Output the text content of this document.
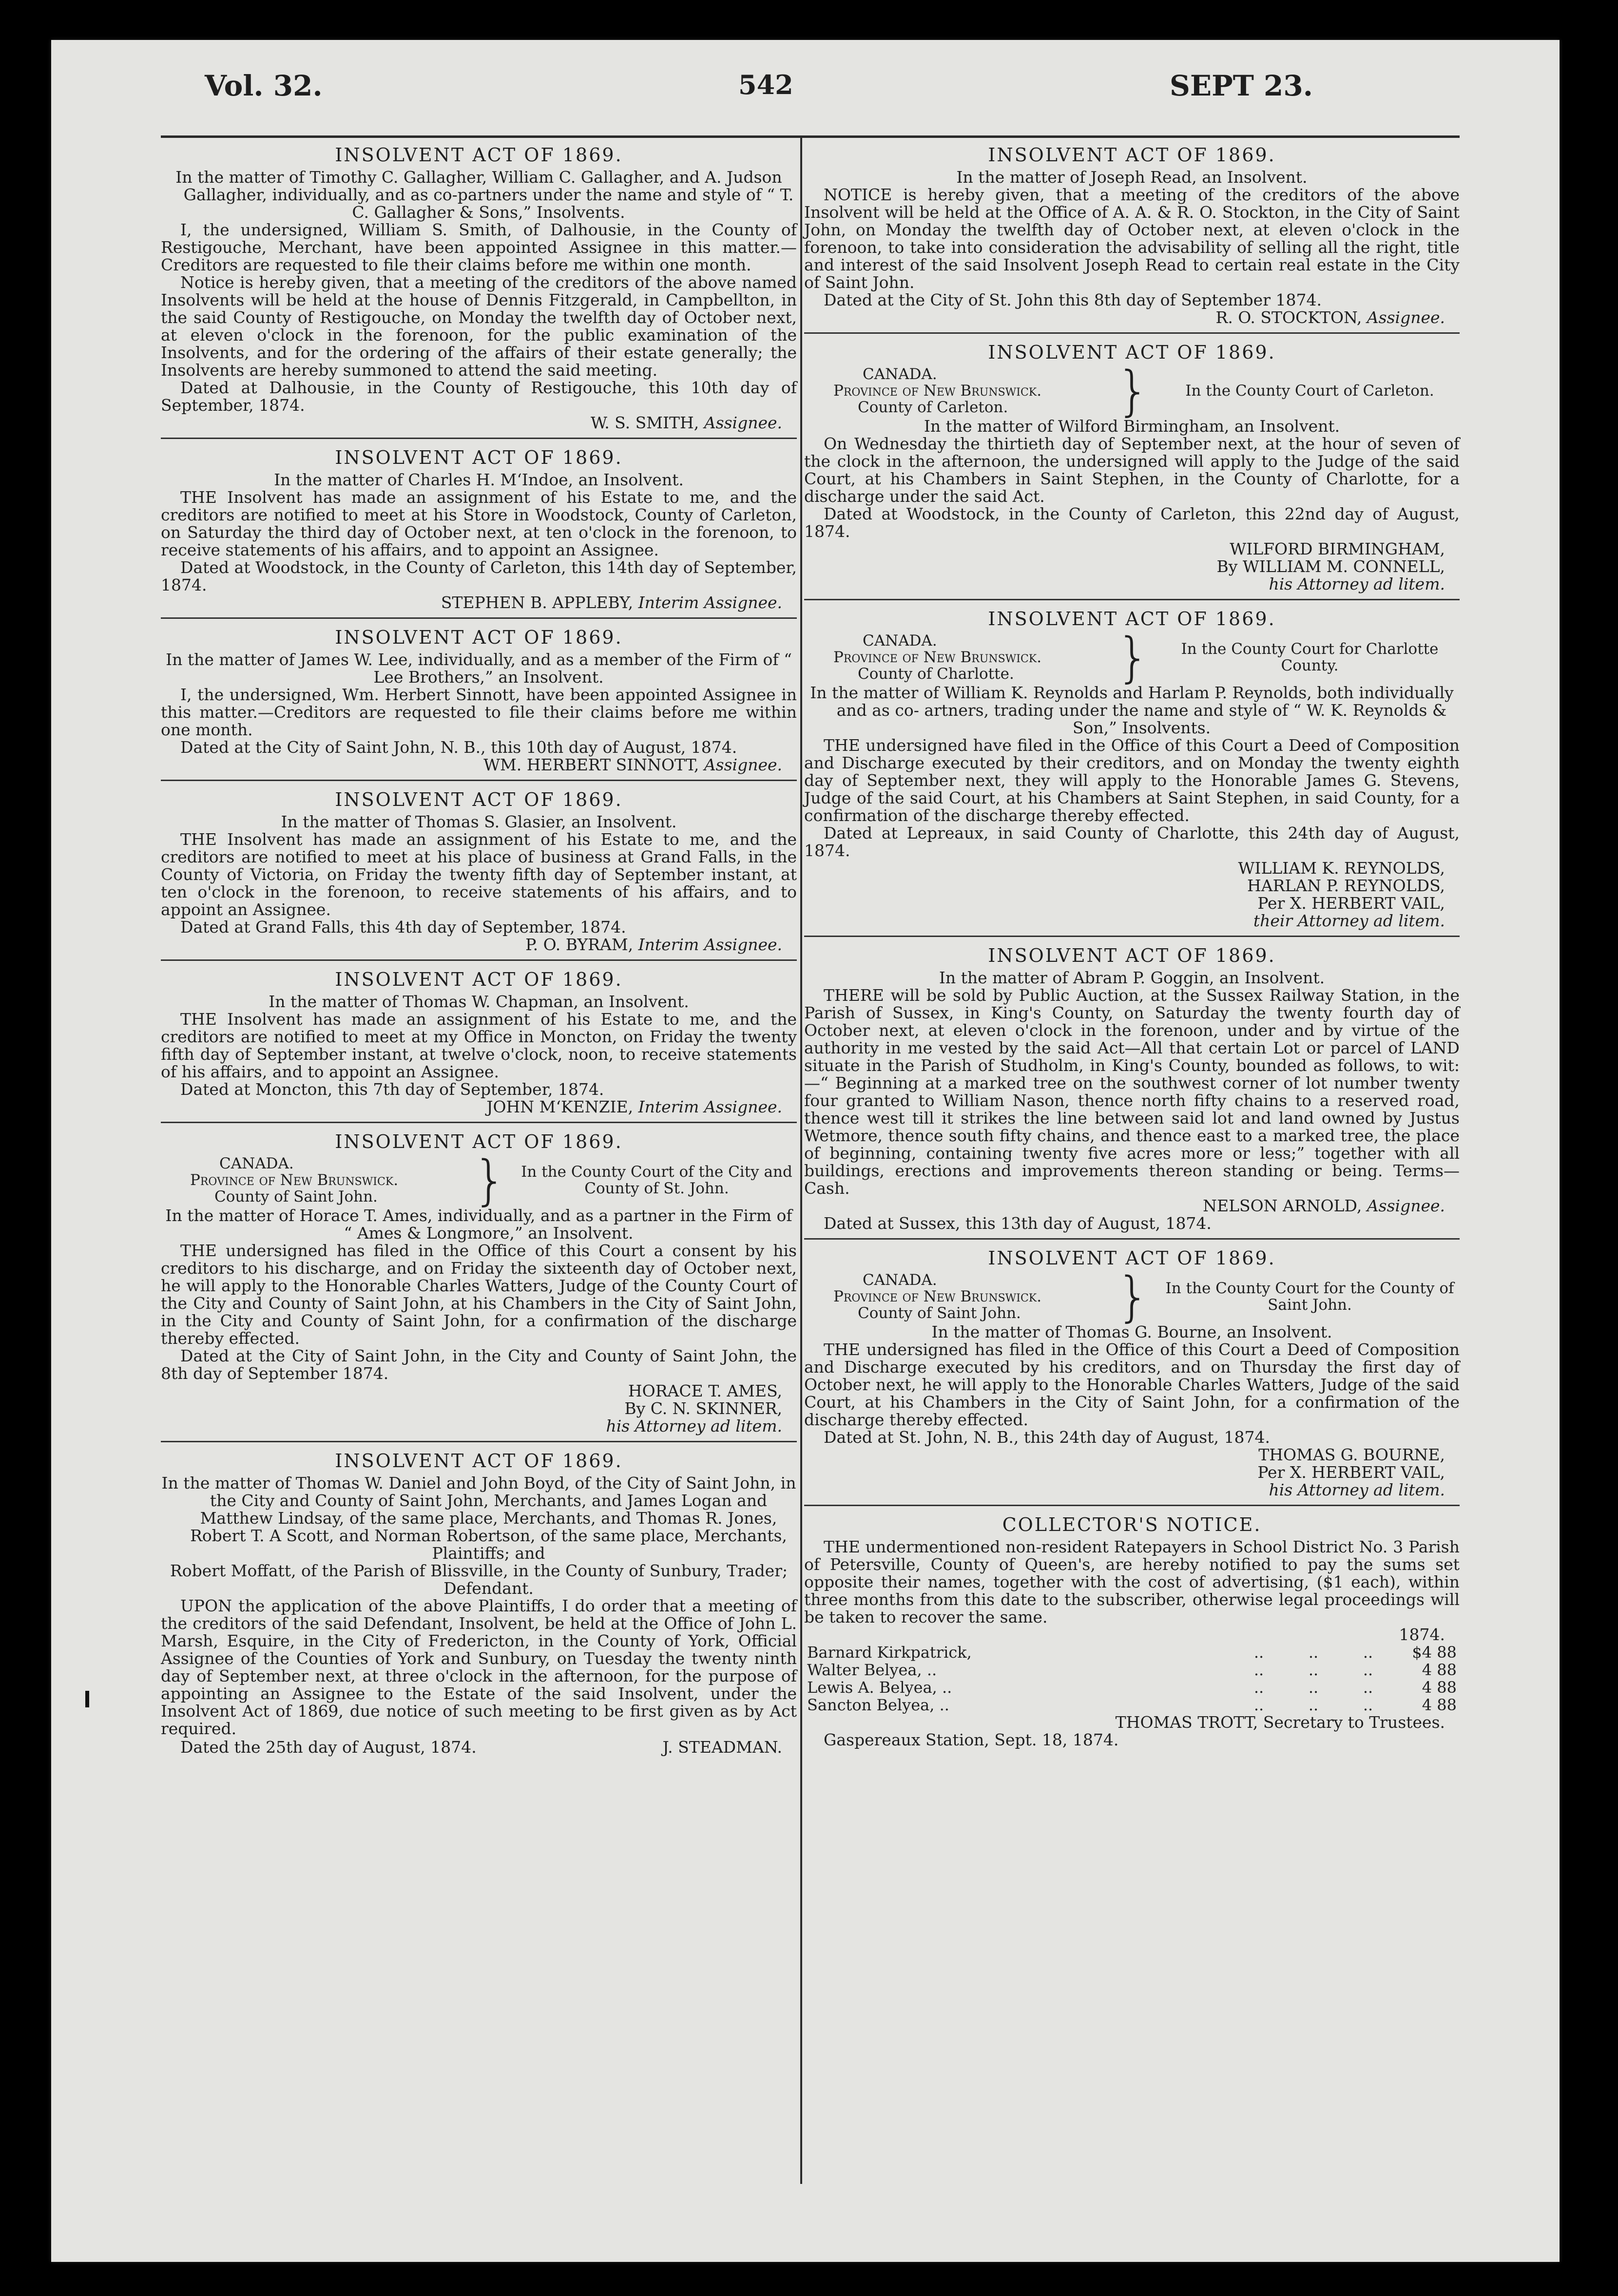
Vol. 32.	542	SEPT 23.
INSOLVENT ACT OF 1869.

In the matter of Timothy C. Gallagher, William C. Gallagher, and A. Judson Gallagher, individually, and as co-partners under the name and style of “ T. C. Gallagher & Sons,” Insolvents.

I, the undersigned, William S. Smith, of Dalhousie, in the County of Restigouche, Merchant, have been appointed Assignee in this matter.—Creditors are requested to file their claims before me within one month.

Notice is hereby given, that a meeting of the creditors of the above named Insolvents will be held at the house of Dennis Fitzgerald, in Campbellton, in the said County of Restigouche, on Monday the twelfth day of October next, at eleven o'clock in the forenoon, for the public examination of the Insolvents, and for the ordering of the affairs of their estate generally; the Insolvents are hereby summoned to attend the said meeting.

Dated at Dalhousie, in the County of Restigouche, this 10th day of September, 1874.

W. S. SMITH, Assignee.
INSOLVENT ACT OF 1869.

In the matter of Charles H. M‘Indoe, an Insolvent.

THE Insolvent has made an assignment of his Estate to me, and the creditors are notified to meet at his Store in Woodstock, County of Carleton, on Saturday the third day of October next, at ten o'clock in the forenoon, to receive statements of his affairs, and to appoint an Assignee.

Dated at Woodstock, in the County of Carleton, this 14th day of September, 1874.

STEPHEN B. APPLEBY, Interim Assignee.
INSOLVENT ACT OF 1869.

In the matter of James W. Lee, individually, and as a member of the Firm of “ Lee Brothers,” an Insolvent.

I, the undersigned, Wm. Herbert Sinnott, have been appointed Assignee in this matter.—Creditors are requested to file their claims before me within one month.

Dated at the City of Saint John, N. B., this 10th day of August, 1874.

WM. HERBERT SINNOTT, Assignee.
INSOLVENT ACT OF 1869.

In the matter of Thomas S. Glasier, an Insolvent.

THE Insolvent has made an assignment of his Estate to me, and the creditors are notified to meet at his place of business at Grand Falls, in the County of Victoria, on Friday the twenty fifth day of September instant, at ten o'clock in the forenoon, to receive statements of his affairs, and to appoint an Assignee.

Dated at Grand Falls, this 4th day of September, 1874.

P. O. BYRAM, Interim Assignee.
INSOLVENT ACT OF 1869.

In the matter of Thomas W. Chapman, an Insolvent.

THE Insolvent has made an assignment of his Estate to me, and the creditors are notified to meet at my Office in Moncton, on Friday the twenty fifth day of September instant, at twelve o'clock, noon, to receive statements of his affairs, and to appoint an Assignee.

Dated at Moncton, this 7th day of September, 1874.

JOHN M‘KENZIE, Interim Assignee.
INSOLVENT ACT OF 1869.
CANADA.
Province of New Brunswick.
County of Saint John.	} In the County Court of the City and County of St. John.

In the matter of Horace T. Ames, individually, and as a partner in the Firm of “ Ames & Longmore,” an Insolvent.

THE undersigned has filed in the Office of this Court a consent by his creditors to his discharge, and on Friday the sixteenth day of October next, he will apply to the Honorable Charles Watters, Judge of the County Court of the City and County of Saint John, at his Chambers in the City of Saint John, in the City and County of Saint John, for a confirmation of the discharge thereby effected.

Dated at the City of Saint John, in the City and County of Saint John, the 8th day of September 1874.

HORACE T. AMES,
By C. N. SKINNER,
his Attorney ad litem.
INSOLVENT ACT OF 1869.

In the matter of Thomas W. Daniel and John Boyd, of the City of Saint John, in the City and County of Saint John, Merchants, and James Logan and Matthew Lindsay, of the same place, Merchants, and Thomas R. Jones, Robert T. A Scott, and Norman Robertson, of the same place, Merchants, Plaintiffs; and

Robert Moffatt, of the Parish of Blissville, in the County of Sunbury, Trader; Defendant.

UPON the application of the above Plaintiffs, I do order that a meeting of the creditors of the said Defendant, Insolvent, be held at the Office of John L. Marsh, Esquire, in the City of Fredericton, in the County of York, Official Assignee of the Counties of York and Sunbury, on Tuesday the twenty ninth day of September next, at three o'clock in the afternoon, for the purpose of appointing an Assignee to the Estate of the said Insolvent, under the Insolvent Act of 1869, due notice of such meeting to be first given as by Act required.

Dated the 25th day of August, 1874.	J. STEADMAN.
INSOLVENT ACT OF 1869.

In the matter of Joseph Read, an Insolvent.

NOTICE is hereby given, that a meeting of the creditors of the above Insolvent will be held at the Office of A. A. & R. O. Stockton, in the City of Saint John, on Monday the twelfth day of October next, at eleven o'clock in the forenoon, to take into consideration the advisability of selling all the right, title and interest of the said Insolvent Joseph Read to certain real estate in the City of Saint John.

Dated at the City of St. John this 8th day of September 1874.

R. O. STOCKTON, Assignee.
INSOLVENT ACT OF 1869.
CANADA.
Province of New Brunswick.
County of Carleton.	}	In the County Court of Carleton.

In the matter of Wilford Birmingham, an Insolvent.

On Wednesday the thirtieth day of September next, at the hour of seven of the clock in the afternoon, the undersigned will apply to the Judge of the said Court, at his Chambers in Saint Stephen, in the County of Charlotte, for a discharge under the said Act.

Dated at Woodstock, in the County of Carleton, this 22nd day of August, 1874.

WILFORD BIRMINGHAM,
By WILLIAM M. CONNELL,
his Attorney ad litem.
INSOLVENT ACT OF 1869.
CANADA.
Province of New Brunswick.
County of Charlotte.	}	In the County Court for Charlotte County.

In the matter of William K. Reynolds and Harlam P. Reynolds, both individually and as co- artners, trading under the name and style of “ W. K. Reynolds & Son,” Insolvents.

THE undersigned have filed in the Office of this Court a Deed of Composition and Discharge executed by their creditors, and on Monday the twenty eighth day of September next, they will apply to the Honorable James G. Stevens, Judge of the said Court, at his Chambers at Saint Stephen, in said County, for a confirmation of the discharge thereby effected.

Dated at Lepreaux, in said County of Charlotte, this 24th day of August, 1874.

WILLIAM K. REYNOLDS,
HARLAN P. REYNOLDS,
Per X. HERBERT VAIL,
their Attorney ad litem.
INSOLVENT ACT OF 1869.

In the matter of Abram P. Goggin, an Insolvent.

THERE will be sold by Public Auction, at the Sussex Railway Station, in the Parish of Sussex, in King's County, on Saturday the twenty fourth day of October next, at eleven o'clock in the forenoon, under and by virtue of the authority in me vested by the said Act—All that certain Lot or parcel of LAND situate in the Parish of Studholm, in King's County, bounded as follows, to wit:—“ Beginning at a marked tree on the southwest corner of lot number twenty four granted to William Nason, thence north fifty chains to a reserved road, thence west till it strikes the line between said lot and land owned by Justus Wetmore, thence south fifty chains, and thence east to a marked tree, the place of beginning, containing twenty five acres more or less;” together with all buildings, erections and improvements thereon standing or being. Terms—Cash.

NELSON ARNOLD, Assignee.

Dated at Sussex, this 13th day of August, 1874.

INSOLVENT ACT OF 1869.
CANADA.
Province of New Brunswick.
County of Saint John.	}	In the County Court for the County of Saint John.

In the matter of Thomas G. Bourne, an Insolvent.

THE undersigned has filed in the Office of this Court a Deed of Composition and Discharge executed by his creditors, and on Thursday the first day of October next, he will apply to the Honorable Charles Watters, Judge of the said Court, at his Chambers in the City of Saint John, for a confirmation of the discharge thereby effected.

Dated at St. John, N. B., this 24th day of August, 1874.

THOMAS G. BOURNE,
Per X. HERBERT VAIL,
his Attorney ad litem.
COLLECTOR'S NOTICE.

THE undermentioned non-resident Ratepayers in School District No. 3 Parish of Petersville, County of Queen's, are hereby notified to pay the sums set opposite their names, together with the cost of advertising, ($1 each), within three months from this date to the subscriber, otherwise legal proceedings will be taken to recover the same.

1874.
Barnard Kirkpatrick,	..	..	..	$4 88
Walter Belyea, ..	..	..	..	4 88
Lewis A. Belyea, ..	..	..	..	4 88
Sancton Belyea, ..	..	..	..	4 88
THOMAS TROTT, Secretary to Trustees.

Gaspereaux Station, Sept. 18, 1874.
